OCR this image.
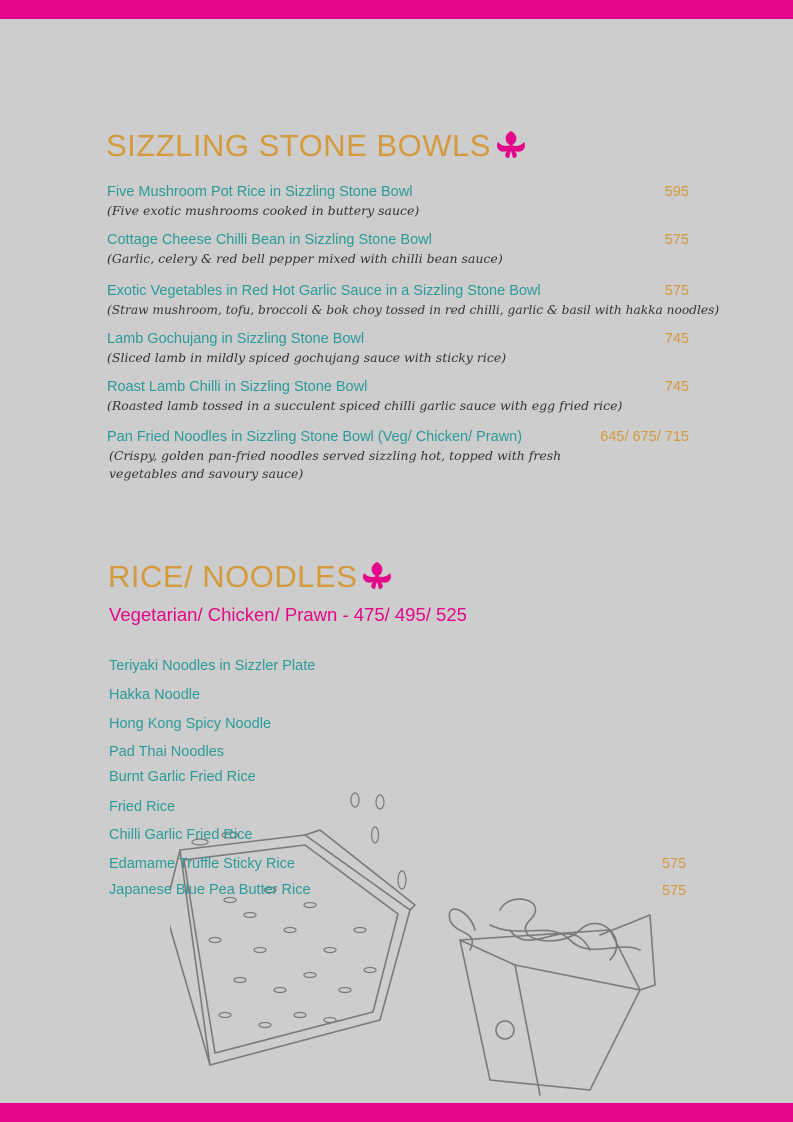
SIZZLING STONE BOWLS
Five Mushroom Pot Rice in Sizzling Stone Bowl	595
(Five exotic mushrooms cooked in buttery sauce)
Cottage Cheese Chilli Bean in Sizzling Stone Bowl	575
(Garlic, celery & red bell pepper mixed with chilli bean sauce)
Exotic Vegetables in Red Hot Garlic Sauce in a Sizzling Stone Bowl	575
(Straw mushroom, tofu, broccoli & bok choy tossed in red chilli, garlic & basil with hakka noodles)
Lamb Gochujang in Sizzling Stone Bowl	745
(Sliced lamb in mildly spiced gochujang sauce with sticky rice)
Roast Lamb Chilli in Sizzling Stone Bowl	745
(Roasted lamb tossed in a succulent spiced chilli garlic sauce with egg fried rice)
Pan Fried Noodles in Sizzling Stone Bowl (Veg/ Chicken/ Prawn)	645/ 675/ 715
(Crispy, golden pan-fried noodles served sizzling hot, topped with fresh vegetables and savoury sauce)
RICE/ NOODLES
Vegetarian/ Chicken/ Prawn - 475/ 495/ 525
Teriyaki Noodles in Sizzler Plate
Hakka Noodle
Hong Kong Spicy Noodle
Pad Thai Noodles
Burnt Garlic Fried Rice
Fried Rice
Chilli Garlic Fried Rice
Edamame Truffle Sticky Rice	575
Japanese Blue Pea Butter Rice	575
